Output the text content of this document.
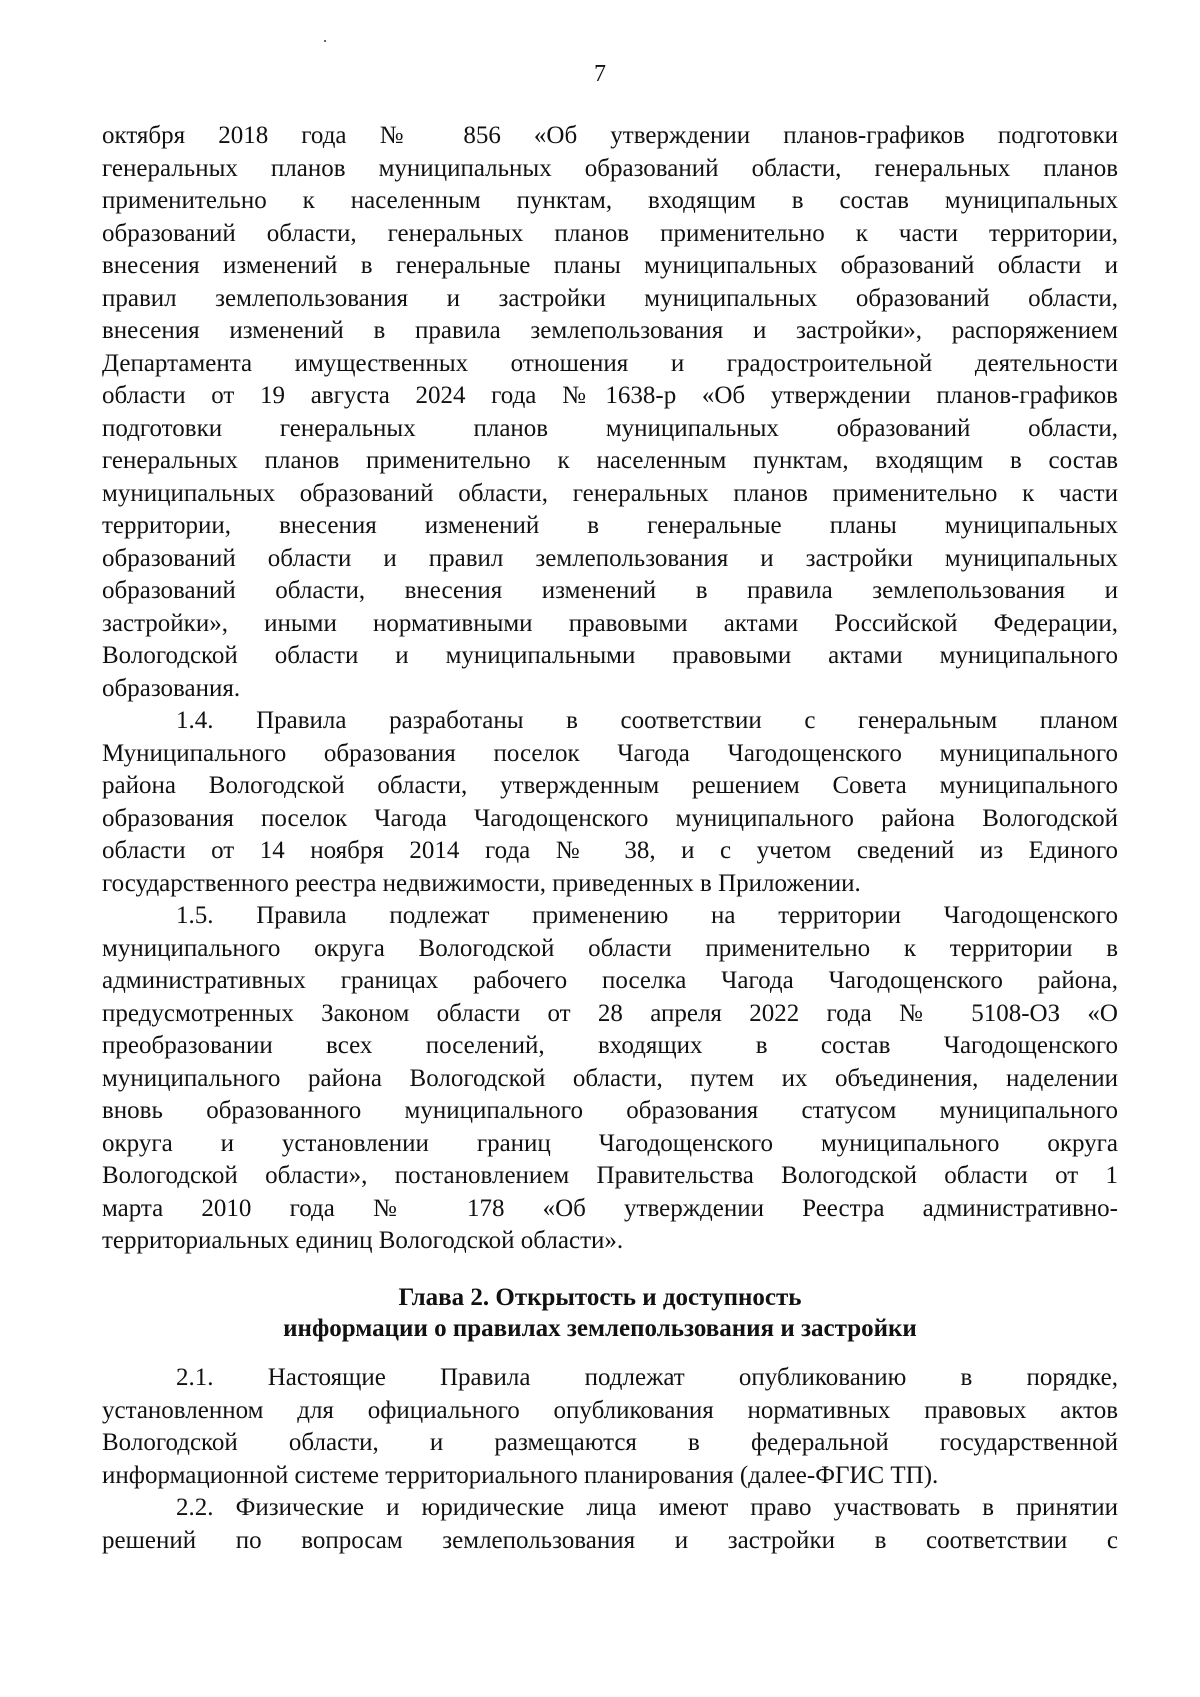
7
октября 2018 года № 856 «Об утверждении планов-графиков подготовки
генеральных планов муниципальных образований области, генеральных планов
применительно к населенным пунктам, входящим в состав муниципальных
образований области, генеральных планов применительно к части территории,
внесения изменений в генеральные планы муниципальных образований области и
правил землепользования и застройки муниципальных образований области,
внесения изменений в правила землепользования и застройки», распоряжением
Департамента имущественных отношения и градостроительной деятельности
области от 19 августа 2024 года №1638-р «Об утверждении планов-графиков
подготовки генеральных планов муниципальных образований области,
генеральных планов применительно к населенным пунктам, входящим в состав
муниципальных образований области, генеральных планов применительно к части
территории, внесения изменений в генеральные планы муниципальных
образований области и правил землепользования и застройки муниципальных
образований области, внесения изменений в правила землепользования и
застройки», иными нормативными правовыми актами Российской Федерации,
Вологодской области и муниципальными правовыми актами муниципального
образования.
1.4. Правила разработаны в соответствии с генеральным планом
Муниципального образования поселок Чагода Чагодощенского муниципального
района Вологодской области, утвержденным решением Совета муниципального
образования поселок Чагода Чагодощенского муниципального района Вологодской
области от 14 ноября 2014 года № 38, и с учетом сведений из Единого
государственного реестра недвижимости, приведенных в Приложении.
1.5. Правила подлежат применению на территории Чагодощенского
муниципального округа Вологодской области применительно к территории в
административных границах рабочего поселка Чагода Чагодощенского района,
предусмотренных Законом области от 28 апреля 2022 года № 5108-ОЗ «О
преобразовании всех поселений, входящих в состав Чагодощенского
муниципального района Вологодской области, путем их объединения, наделении
вновь образованного муниципального образования статусом муниципального
округа и установлении границ Чагодощенского муниципального округа
Вологодской области», постановлением Правительства Вологодской области от 1
марта 2010 года № 178 «Об утверждении Реестра административно-
территориальных единиц Вологодской области».
Глава 2. Открытость и доступность
информации о правилах землепользования и застройки
2.1. Настоящие Правила подлежат опубликованию в порядке,
установленном для официального опубликования нормативных правовых актов
Вологодской области, и размещаются в федеральной государственной
информационной системе территориального планирования (далее-ФГИС ТП).
2.2. Физические и юридические лица имеют право участвовать в принятии
решений по вопросам землепользования и застройки в соответствии с
